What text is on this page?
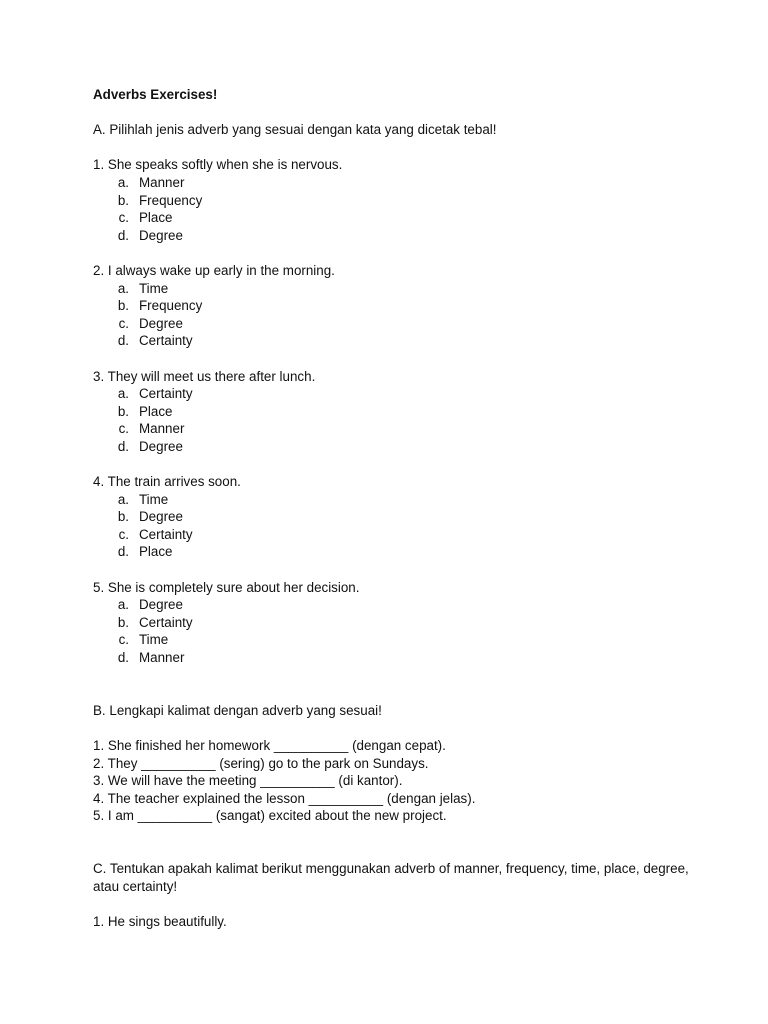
Adverbs Exercises!
A. Pilihlah jenis adverb yang sesuai dengan kata yang dicetak tebal!
1. She speaks softly when she is nervous.
a. Manner
b. Frequency
c. Place
d. Degree
2. I always wake up early in the morning.
a. Time
b. Frequency
c. Degree
d. Certainty
3. They will meet us there after lunch.
a. Certainty
b. Place
c. Manner
d. Degree
4. The train arrives soon.
a. Time
b. Degree
c. Certainty
d. Place
5. She is completely sure about her decision.
a. Degree
b. Certainty
c. Time
d. Manner
B. Lengkapi kalimat dengan adverb yang sesuai!
1. She finished her homework __________ (dengan cepat).
2. They __________ (sering) go to the park on Sundays.
3. We will have the meeting __________ (di kantor).
4. The teacher explained the lesson __________ (dengan jelas).
5. I am __________ (sangat) excited about the new project.
C. Tentukan apakah kalimat berikut menggunakan adverb of manner, frequency, time, place, degree, atau certainty!
1. He sings beautifully.
